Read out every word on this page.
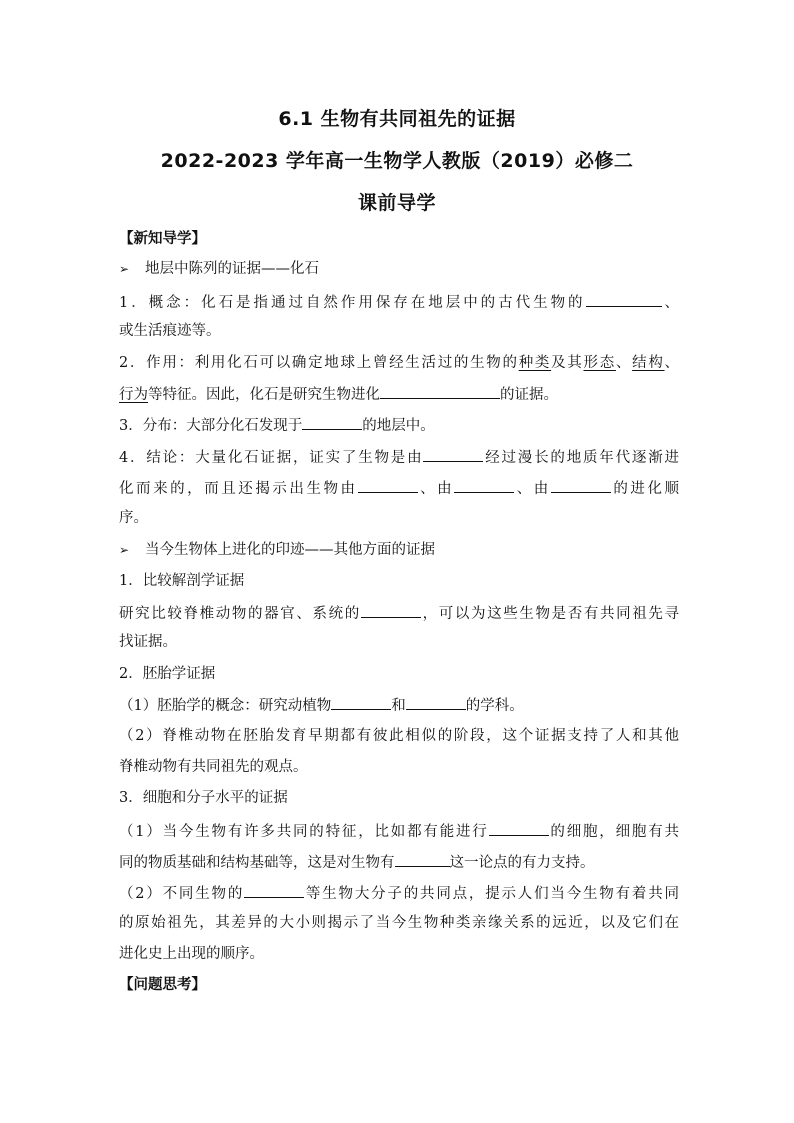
6.1 生物有共同祖先的证据
2022-2023 学年高一生物学人教版（2019）必修二
课前导学
【新知导学】
➢ 地层中陈列的证据——化石
1．概念：化石是指通过自然作用保存在地层中的古代生物的	、
或生活痕迹等。
2．作用：利用化石可以确定地球上曾经生活过的生物的种类及其形态、结构、
行为等特征。因此，化石是研究生物进化	的证据。
3．分布：大部分化石发现于	的地层中。
4．结论：大量化石证据，证实了生物是由	经过漫长的地质年代逐渐进
化而来的，而且还揭示出生物由	、由	、由	的进化顺
序。
➢ 当今生物体上进化的印迹——其他方面的证据
1．比较解剖学证据
研究比较脊椎动物的器官、系统的	，可以为这些生物是否有共同祖先寻
找证据。
2．胚胎学证据
（1）胚胎学的概念：研究动植物	和	的学科。
（2）脊椎动物在胚胎发育早期都有彼此相似的阶段，这个证据支持了人和其他
脊椎动物有共同祖先的观点。
3．细胞和分子水平的证据
（1）当今生物有许多共同的特征，比如都有能进行	的细胞，细胞有共
同的物质基础和结构基础等，这是对生物有	这一论点的有力支持。
（2）不同生物的	等生物大分子的共同点，提示人们当今生物有着共同
的原始祖先，其差异的大小则揭示了当今生物种类亲缘关系的远近，以及它们在
进化史上出现的顺序。
【问题思考】
